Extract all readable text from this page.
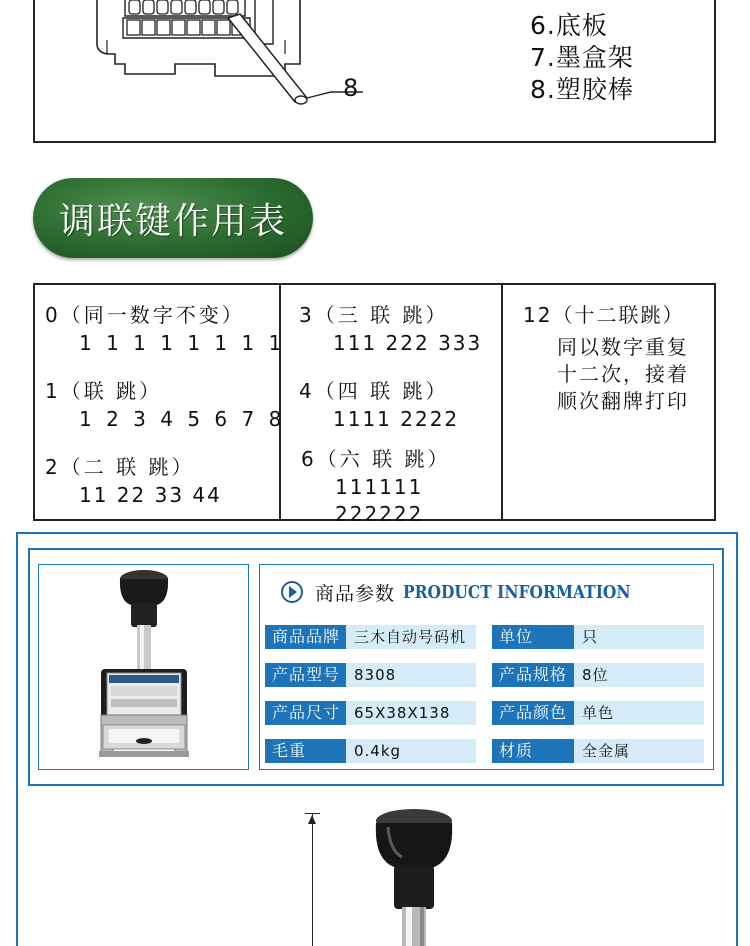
8
6.底板
7.墨盒架
8.塑胶棒
调联键作用表
0（同一数字不变）
1 1 1 1 1 1 1 1
1（联 跳）
1 2 3 4 5 6 7 8
2（二 联 跳）
11 22 33 44
3（三 联 跳）
111 222 333
4（四 联 跳）
1111 2222
6（六 联 跳）
111111
222222
12（十二联跳）
同以数字重复
十二次，接着
顺次翻牌打印
商品参数 PRODUCT INFORMATION
商品品牌 三木自动号码机	单位	只
产品型号 8308	产品规格 8位
产品尺寸 65X38X138	产品颜色 单色
毛重	0.4kg	材质	全金属
